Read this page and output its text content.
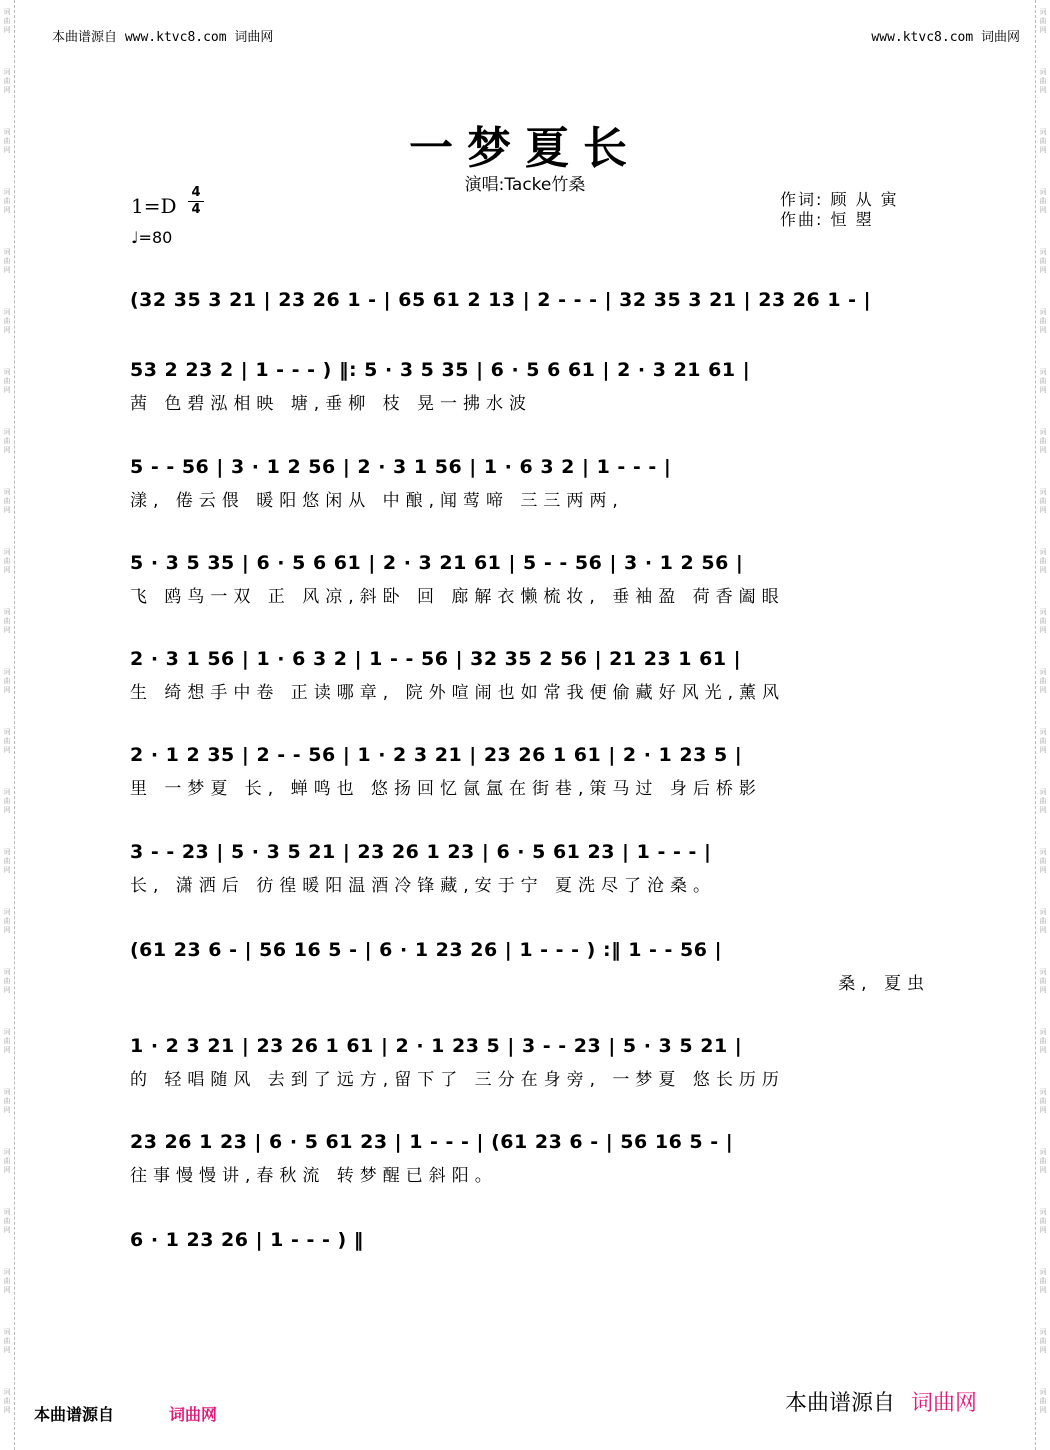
词曲网
词曲网
词曲网
词曲网
词曲网
词曲网
词曲网
词曲网
词曲网
词曲网
词曲网
词曲网
词曲网
词曲网
词曲网
词曲网
词曲网
词曲网
词曲网
词曲网
词曲网
词曲网
词曲网
词曲网
词曲网
词曲网
词曲网
词曲网
词曲网
词曲网
词曲网
词曲网
词曲网
词曲网
词曲网
词曲网
词曲网
词曲网
词曲网
词曲网
词曲网
词曲网
词曲网
词曲网
词曲网
词曲网
词曲网
词曲网
本曲谱源自 www.ktvc8.com 词曲网	www.ktvc8.com 词曲网
一梦夏长
演唱:Tacke竹桑
1=D
4
4
♩=80
作词: 顾 从 寅
作曲: 恒 曌
(32 35 3 21 | 23 26 1 - | 65 61 2 13 | 2 - - - | 32 35 3 21 | 23 26 1 - |
53 2 23 2 | 1 - - - ) ‖: 5 · 3 5 35 | 6 · 5 6 61 | 2 · 3 21 61 |
茜 色碧泓相映 塘,垂柳 枝 晃一拂水波
5 - - 56 | 3 · 1 2 56 | 2 · 3 1 56 | 1 · 6 3 2 | 1 - - - |
漾, 倦云偎 暖阳悠闲从 中酿,闻莺啼 三三两两,
5 · 3 5 35 | 6 · 5 6 61 | 2 · 3 21 61 | 5 - - 56 | 3 · 1 2 56 |
飞 鸥鸟一双 正 风凉,斜卧 回 廊解衣懒梳妆, 垂袖盈 荷香阖眼
2 · 3 1 56 | 1 · 6 3 2 | 1 - - 56 | 32 35 2 56 | 21 23 1 61 |
生 绮想手中卷 正读哪章, 院外喧闹也如常我便偷藏好风光,薰风
2 · 1 2 35 | 2 - - 56 | 1 · 2 3 21 | 23 26 1 61 | 2 · 1 23 5 |
里 一梦夏 长, 蝉鸣也 悠扬回忆氤氲在街巷,策马过 身后桥影
3 - - 23 | 5 · 3 5 21 | 23 26 1 23 | 6 · 5 61 23 | 1 - - - |
长, 潇洒后 彷徨暖阳温酒冷锋藏,安于宁 夏洗尽了沧桑。
(61 23 6 - | 56 16 5 - | 6 · 1 23 26 | 1 - - - ) :‖ 1 - - 56 |
桑, 夏虫
1 · 2 3 21 | 23 26 1 61 | 2 · 1 23 5 | 3 - - 23 | 5 · 3 5 21 |
的 轻唱随风 去到了远方,留下了 三分在身旁, 一梦夏 悠长历历
23 26 1 23 | 6 · 5 61 23 | 1 - - - | (61 23 6 - | 56 16 5 - |
往事慢慢讲,春秋流 转梦醒已斜阳。
6 · 1 23 26 | 1 - - - ) ‖
本曲谱源自	词曲网	本曲谱源自 词曲网
